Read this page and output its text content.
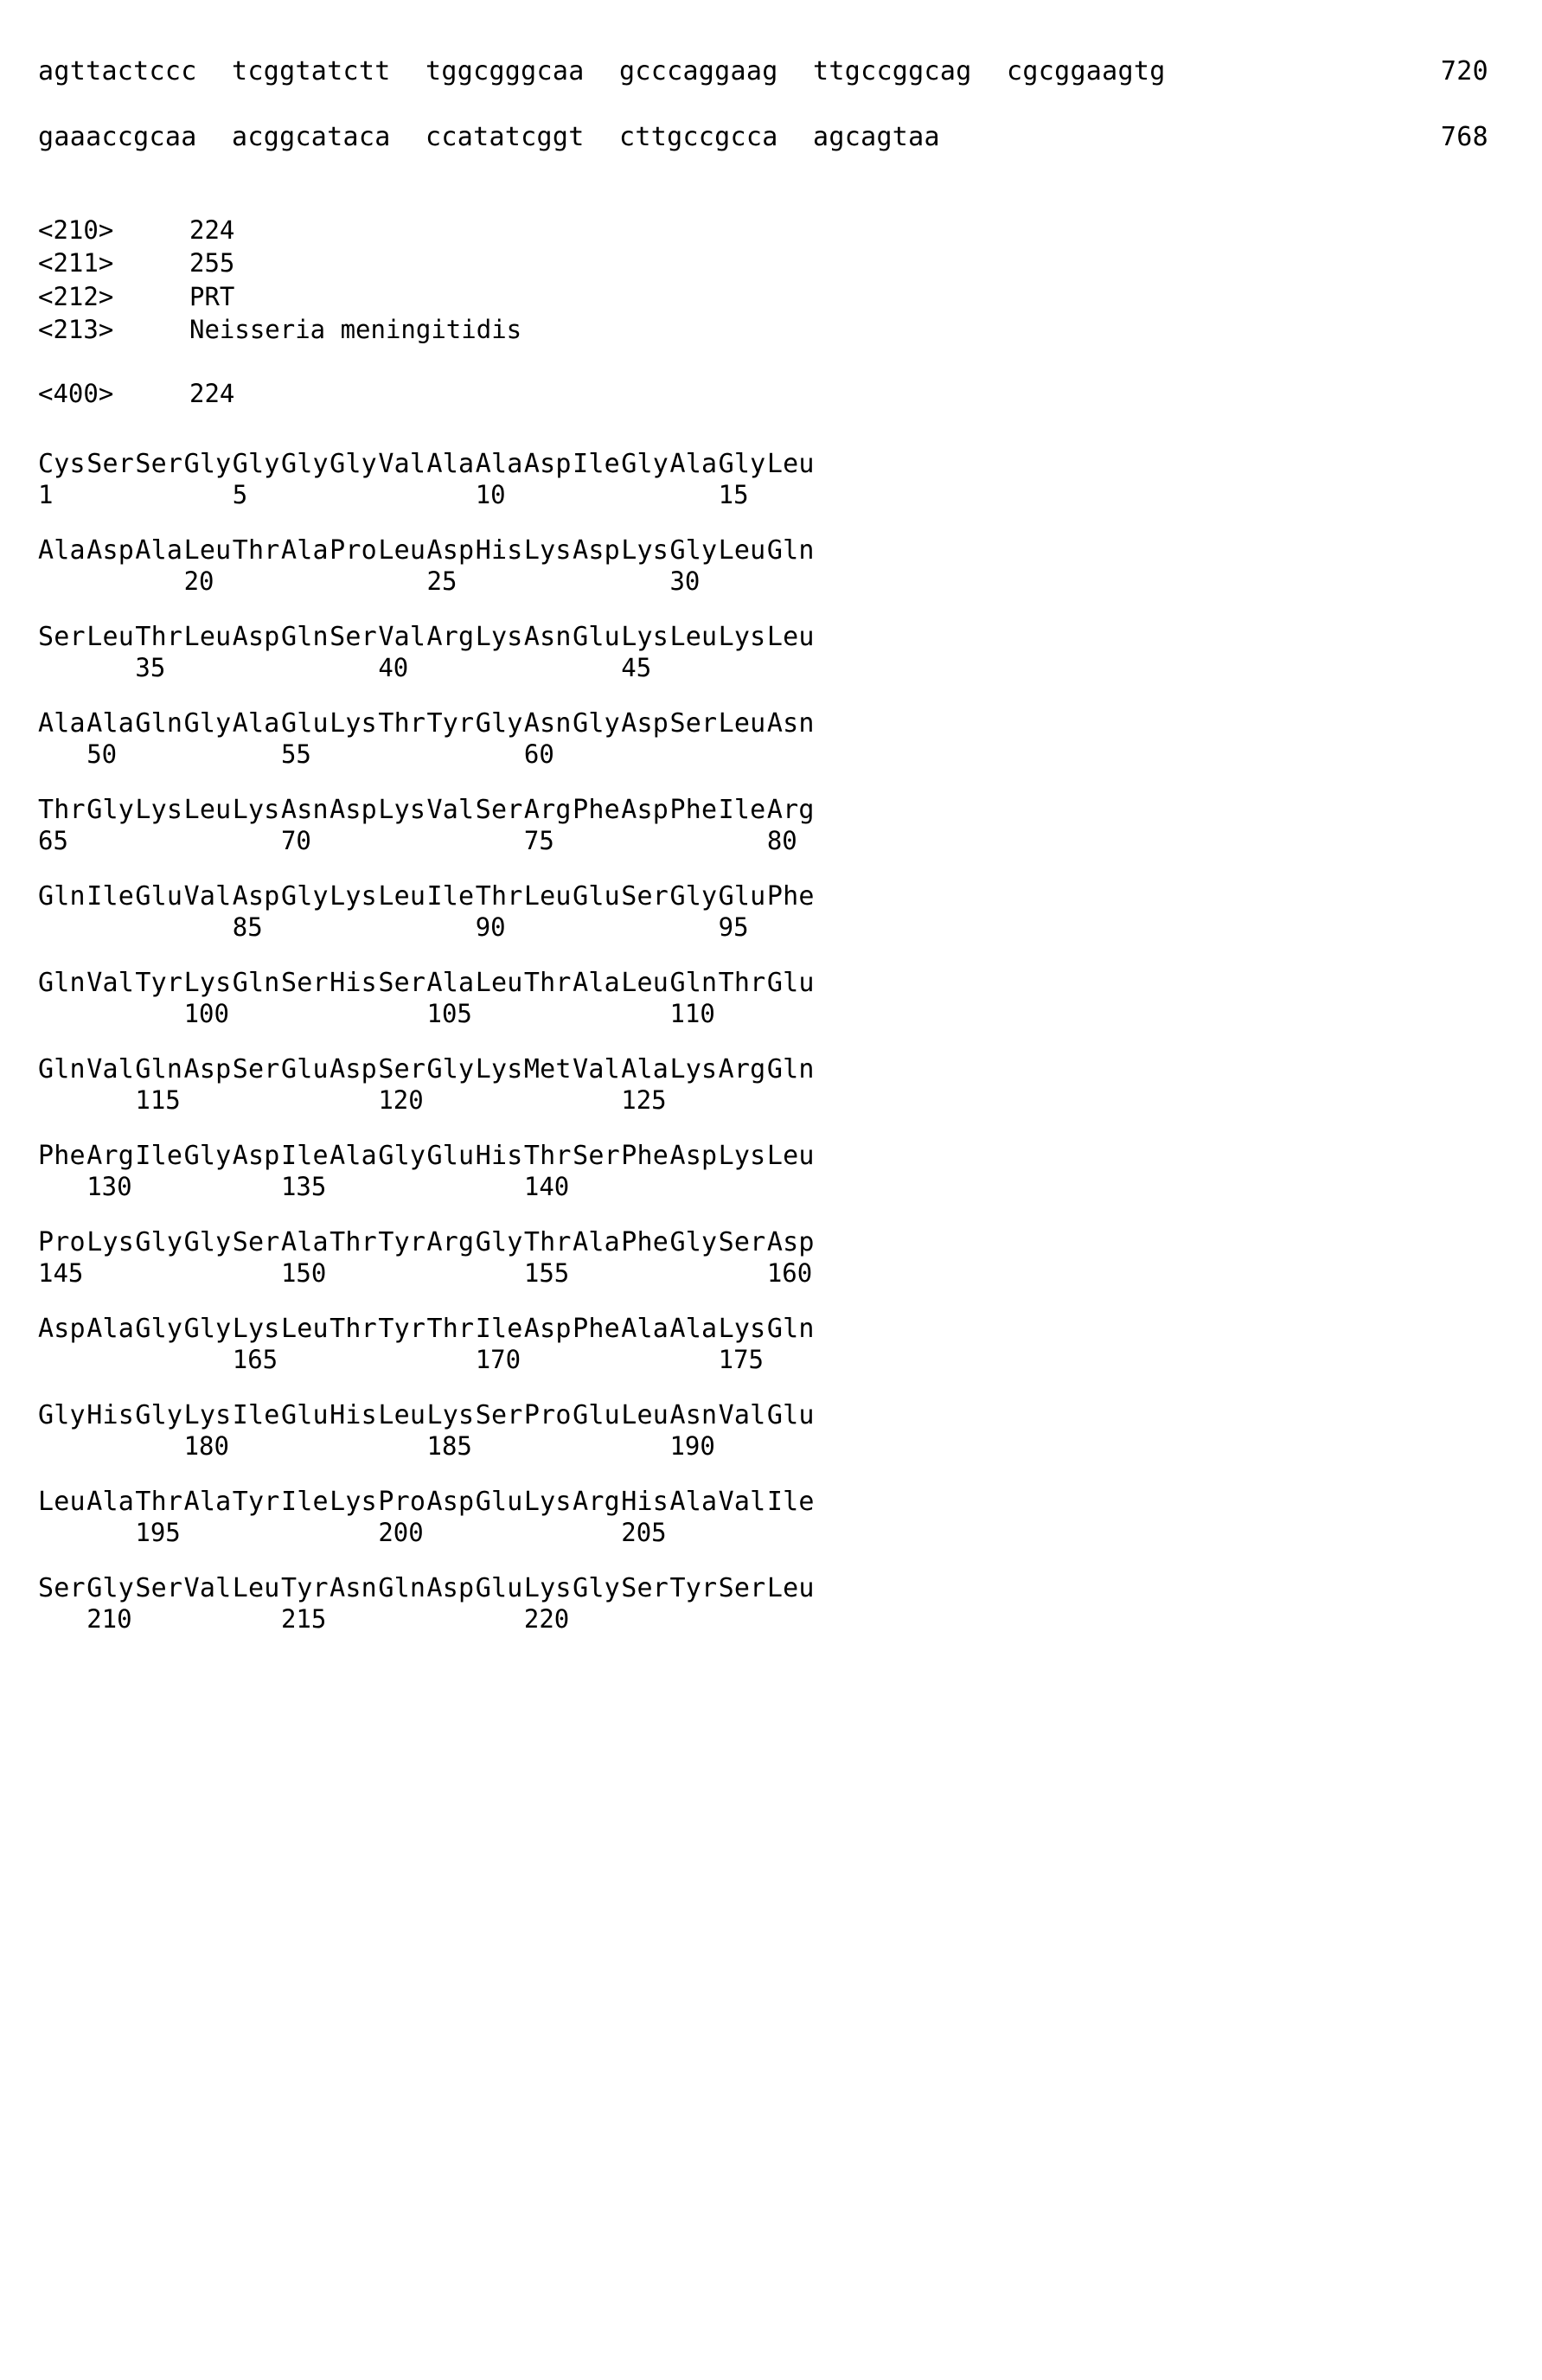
agttactccc	tcggtatctt	tggcgggcaa	gcccaggaag	ttgccggcag	cgcggaagtg	720
gaaaccgcaa	acggcataca	ccatatcggt	cttgccgcca	agcagtaa	768
<210>	224
<211>	255
<212>	PRT
<213>	Neisseria meningitidis
<400>	224
Cys Ser Ser Gly Gly Gly Gly Val Ala Ala Asp Ile Gly Ala Gly Leu
1	5	10	15
Ala Asp Ala Leu Thr Ala Pro Leu Asp His Lys Asp Lys Gly Leu Gln
20	25	30
Ser Leu Thr Leu Asp Gln Ser Val Arg Lys Asn Glu Lys Leu Lys Leu
35	40	45
Ala Ala Gln Gly Ala Glu Lys Thr Tyr Gly Asn Gly Asp Ser Leu Asn
50	55	60
Thr Gly Lys Leu Lys Asn Asp Lys Val Ser Arg Phe Asp Phe Ile Arg
65	70	75	80
Gln Ile Glu Val Asp Gly Lys Leu Ile Thr Leu Glu Ser Gly Glu Phe
85	90	95
Gln Val Tyr Lys Gln Ser His Ser Ala Leu Thr Ala Leu Gln Thr Glu
100	105	110
Gln Val Gln Asp Ser Glu Asp Ser Gly Lys Met Val Ala Lys Arg Gln
115	120	125
Phe Arg Ile Gly Asp Ile Ala Gly Glu His Thr Ser Phe Asp Lys Leu
130	135	140
Pro Lys Gly Gly Ser Ala Thr Tyr Arg Gly Thr Ala Phe Gly Ser Asp
145	150	155	160
Asp Ala Gly Gly Lys Leu Thr Tyr Thr Ile Asp Phe Ala Ala Lys Gln
165	170	175
Gly His Gly Lys Ile Glu His Leu Lys Ser Pro Glu Leu Asn Val Glu
180	185	190
Leu Ala Thr Ala Tyr Ile Lys Pro Asp Glu Lys Arg His Ala Val Ile
195	200	205
Ser Gly Ser Val Leu Tyr Asn Gln Asp Glu Lys Gly Ser Tyr Ser Leu
210	215	220
